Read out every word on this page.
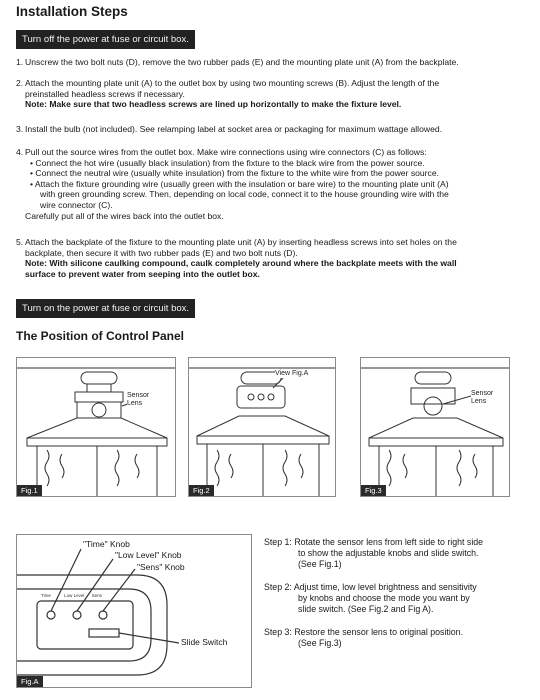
Installation Steps
Turn off the power at fuse or circuit box.
1. Unscrew the two bolt nuts (D), remove the two rubber pads (E) and the mounting plate unit (A) from the backplate.
2. Attach the mounting plate unit (A) to the outlet box by using two mounting screws (B). Adjust the length of the
preinstalled headless screws if necessary.
Note: Make sure that two headless screws are lined up horizontally to make the fixture level.
3. Install the bulb (not included). See relamping label at socket area or packaging for maximum wattage allowed.
4. Pull out the source wires from the outlet box. Make wire connections using wire connectors (C) as follows:
• Connect the hot wire (usually black insulation) from the fixture to the black wire from the power source.
• Connect the neutral wire (usually white insulation) from the fixture to the white wire from the power source.
• Attach the fixture grounding wire (usually green with the insulation or bare wire) to the mounting plate unit (A)
with green grounding screw. Then, depending on local code, connect it to the house grounding wire with the
wire connector (C).
Carefully put all of the wires back into the outlet box.
5. Attach the backplate of the fixture to the mounting plate unit (A) by inserting headless screws into set holes on the
backplate, then secure it with two rubber pads (E) and two bolt nuts (D).
Note: With silicone caulking compound, caulk completely around where the backplate meets with the wall
surface to prevent water from seeping into the outlet box.
Turn on the power at fuse or circuit box.
The Position of Control Panel
Sensor
Lens
Fig.1
View Fig.A
Fig.2
Sensor
Lens
Fig.3
"Time" Knob
"Low Level" Knob
"Sens" Knob
Slide Switch
Time	Low Level Sens
Fig.A
Step 1: Rotate the sensor lens from left side to right side
to show the adjustable knobs and slide switch.
(See Fig.1)
Step 2: Adjust time, low level brightness and sensitivity
by knobs and choose the mode you want by
slide switch. (See Fig.2 and Fig A).
Step 3: Restore the sensor lens to original position.
(See Fig.3)
